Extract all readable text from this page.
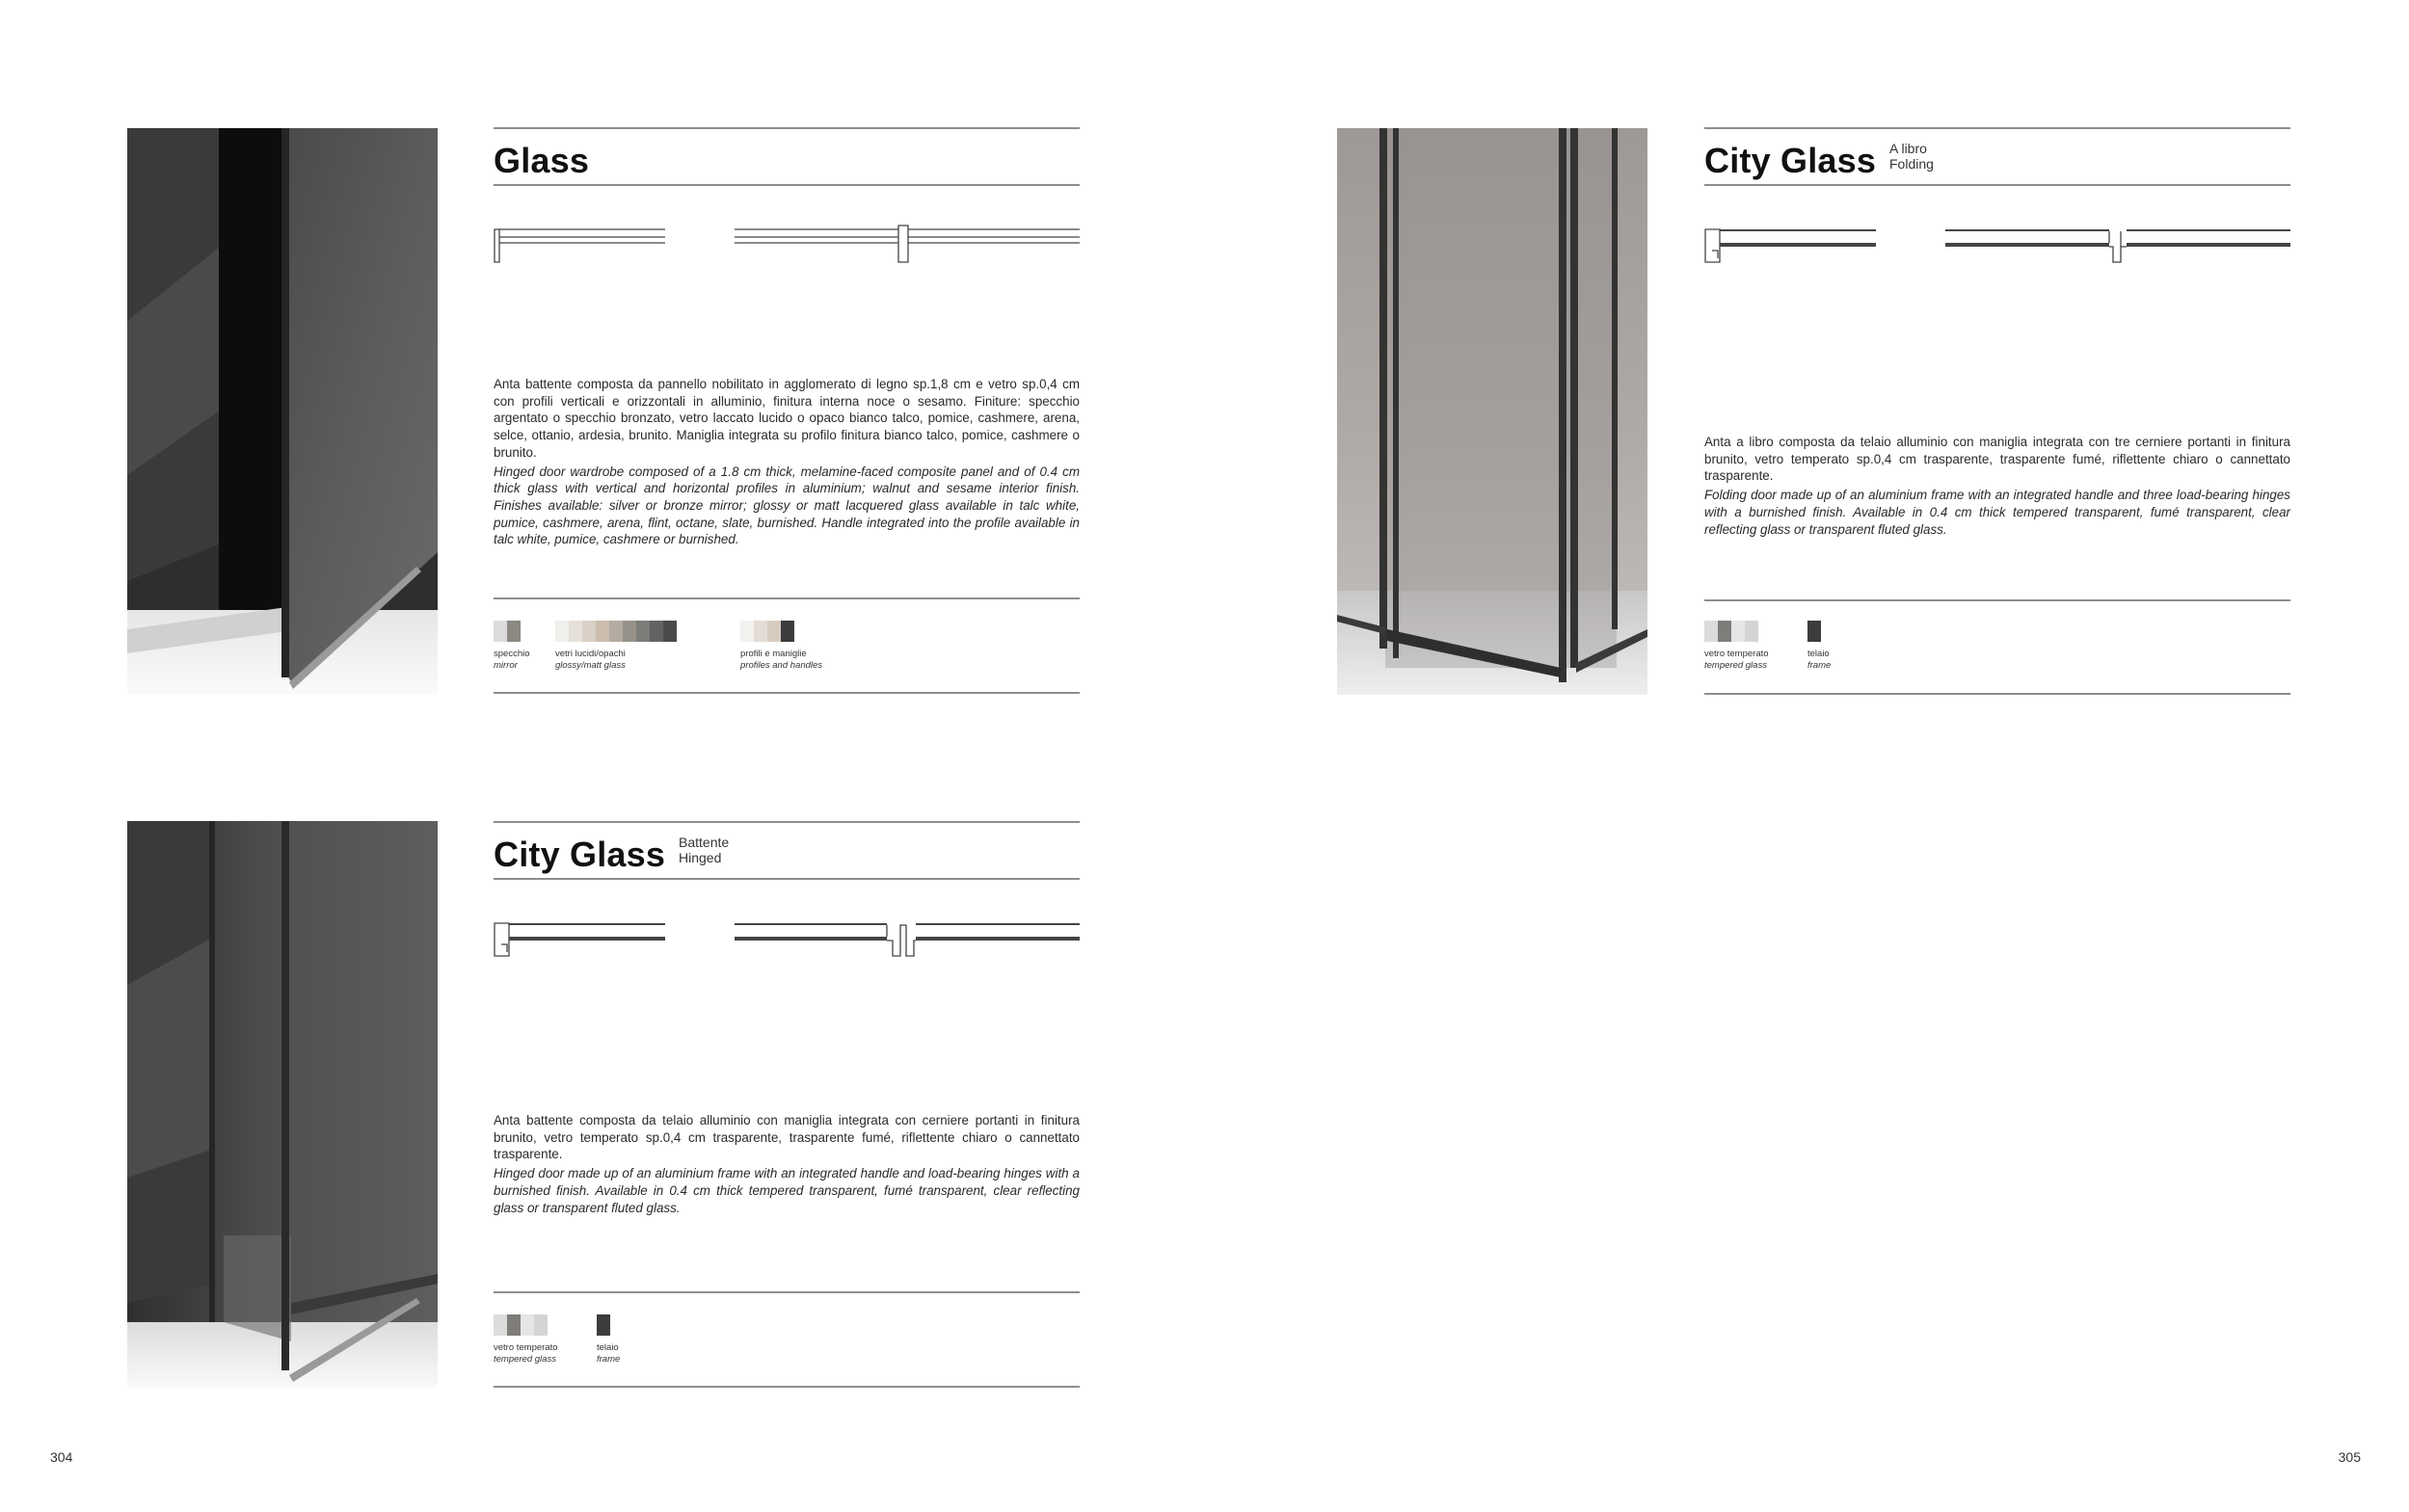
Glass

Anta battente composta da pannello nobilitato in agglomerato di legno sp.1,8 cm e vetro sp.0,4 cm con profili verticali e orizzontali in alluminio, finitura interna noce o sesamo. Finiture: specchio argentato o specchio bronzato, vetro laccato lucido o opaco bianco talco, pomice, cashmere, arena, selce, ottanio, ardesia, brunito. Maniglia integrata su profilo finitura bianco talco, pomice, cashmere o brunito.

Hinged door wardrobe composed of a 1.8 cm thick, melamine-faced composite panel and of 0.4 cm thick glass with vertical and horizontal profiles in aluminium; walnut and sesame interior finish. Finishes available: silver or bronze mirror; glossy or matt lacquered glass available in talc white, pumice, cashmere, arena, flint, octane, slate, burnished. Handle integrated into the profile available in talc white, pumice, cashmere or burnished.

specchio
mirror
vetri lucidi/opachi
glossy/matt glass
profili e maniglie
profiles and handles
City Glass A libro
Folding

Anta a libro composta da telaio alluminio con maniglia integrata con tre cerniere portanti in finitura brunito, vetro temperato sp.0,4 cm trasparente, trasparente fumé, riflettente chiaro o cannettato trasparente.

Folding door made up of an aluminium frame with an integrated handle and three load-bearing hinges with a burnished finish. Available in 0.4 cm thick tempered transparent, fumé transparent, clear reflecting glass or transparent fluted glass.

vetro temperato
tempered glass
telaio
frame
City Glass Battente
Hinged

Anta battente composta da telaio alluminio con maniglia integrata con cerniere portanti in finitura brunito, vetro temperato sp.0,4 cm trasparente, trasparente fumé, riflettente chiaro o cannettato trasparente.

Hinged door made up of an aluminium frame with an integrated handle and load-bearing hinges with a burnished finish. Available in 0.4 cm thick tempered transparent, fumé transparent, clear reflecting glass or transparent fluted glass.

vetro temperato
tempered glass
telaio
frame
304	305
